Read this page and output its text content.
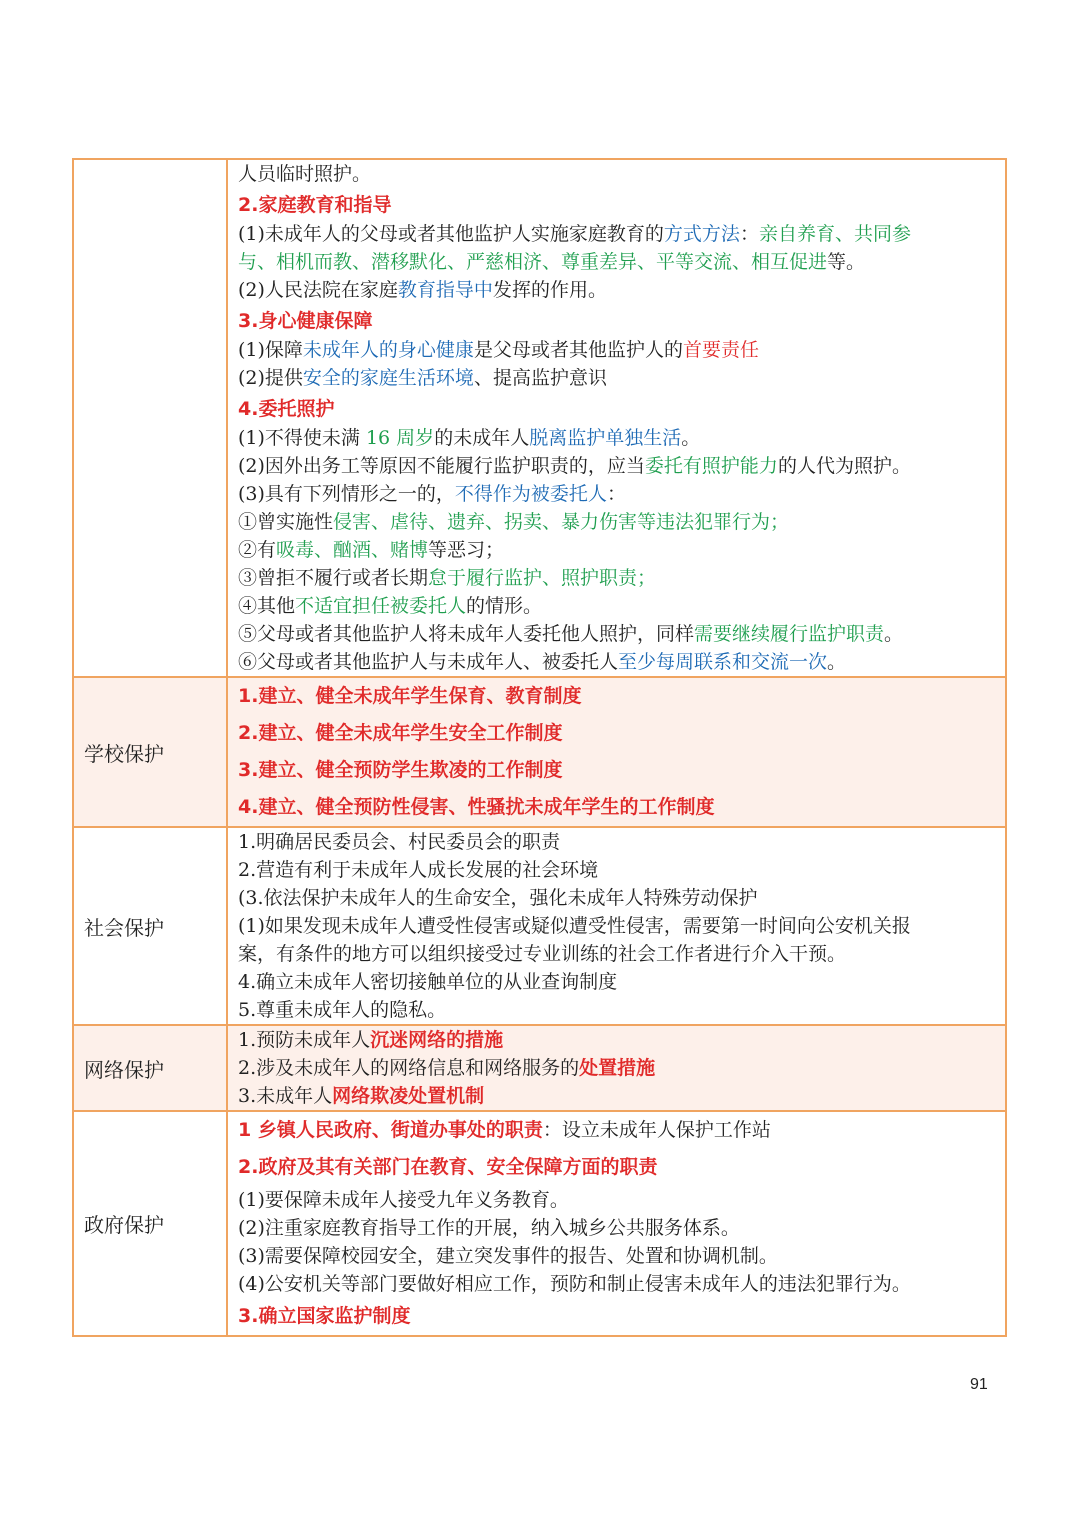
人员临时照护。
2.家庭教育和指导
(1)未成年人的父母或者其他监护人实施家庭教育的方式方法：亲自养育、共同参
与、相机而教、潜移默化、严慈相济、尊重差异、平等交流、相互促进等。
(2)人民法院在家庭教育指导中发挥的作用。
3.身心健康保障
(1)保障未成年人的身心健康是父母或者其他监护人的首要责任
(2)提供安全的家庭生活环境、提高监护意识
4.委托照护
(1)不得使未满 16 周岁的未成年人脱离监护单独生活。
(2)因外出务工等原因不能履行监护职责的，应当委托有照护能力的人代为照护。
(3)具有下列情形之一的，不得作为被委托人：
①曾实施性侵害、虐待、遗弃、拐卖、暴力伤害等违法犯罪行为；
②有吸毒、酗酒、赌博等恶习；
③曾拒不履行或者长期怠于履行监护、照护职责；
④其他不适宜担任被委托人的情形。
⑤父母或者其他监护人将未成年人委托他人照护，同样需要继续履行监护职责。
⑥父母或者其他监护人与未成年人、被委托人至少每周联系和交流一次。
学校保护
1.建立、健全未成年学生保育、教育制度
2.建立、健全未成年学生安全工作制度
3.建立、健全预防学生欺凌的工作制度
4.建立、健全预防性侵害、性骚扰未成年学生的工作制度
社会保护
1.明确居民委员会、村民委员会的职责
2.营造有利于未成年人成长发展的社会环境
(3.依法保护未成年人的生命安全，强化未成年人特殊劳动保护
(1)如果发现未成年人遭受性侵害或疑似遭受性侵害，需要第一时间向公安机关报
案，有条件的地方可以组织接受过专业训练的社会工作者进行介入干预。
4.确立未成年人密切接触单位的从业查询制度
5.尊重未成年人的隐私。
网络保护
1.预防未成年人沉迷网络的措施
2.涉及未成年人的网络信息和网络服务的处置措施
3.未成年人网络欺凌处置机制
政府保护
1 乡镇人民政府、街道办事处的职责：设立未成年人保护工作站
2.政府及其有关部门在教育、安全保障方面的职责
(1)要保障未成年人接受九年义务教育。
(2)注重家庭教育指导工作的开展，纳入城乡公共服务体系。
(3)需要保障校园安全，建立突发事件的报告、处置和协调机制。
(4)公安机关等部门要做好相应工作，预防和制止侵害未成年人的违法犯罪行为。
3.确立国家监护制度
91
